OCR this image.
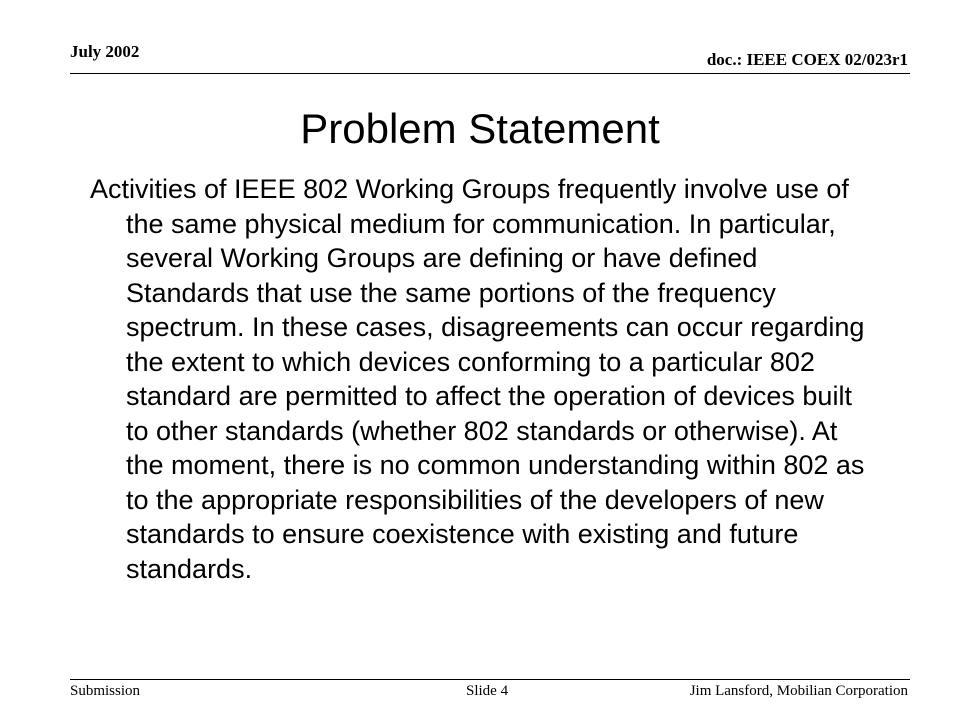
July 2002	doc.: IEEE COEX 02/023r1
Problem Statement

Activities of IEEE 802 Working Groups frequently involve use of the same physical medium for communication. In particular, several Working Groups are defining or have defined Standards that use the same portions of the frequency spectrum. In these cases, disagreements can occur regarding the extent to which devices conforming to a particular 802 standard are permitted to affect the operation of devices built to other standards (whether 802 standards or otherwise). At the moment, there is no common understanding within 802 as to the appropriate responsibilities of the developers of new standards to ensure coexistence with existing and future standards.

Submission	Slide 4	Jim Lansford, Mobilian Corporation
